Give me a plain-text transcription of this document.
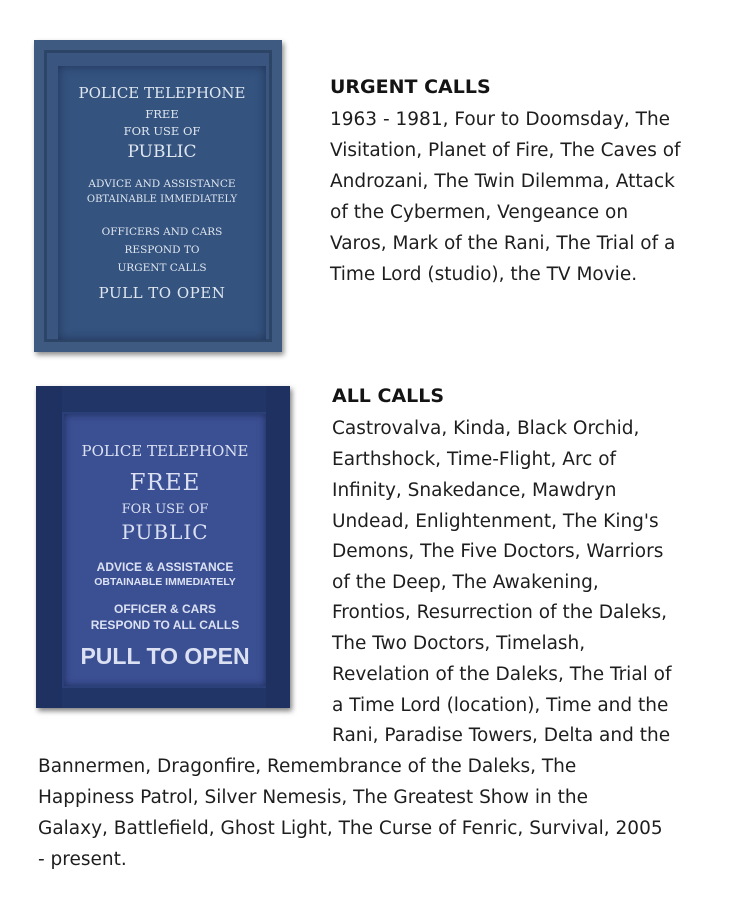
POLICE TELEPHONE
FREE
FOR USE OF
PUBLIC
ADVICE AND ASSISTANCE
OBTAINABLE IMMEDIATELY
OFFICERS AND CARS
RESPOND TO
URGENT CALLS
PULL TO OPEN
URGENT CALLS
1963 - 1981, Four to Doomsday, The
Visitation, Planet of Fire, The Caves of
Androzani, The Twin Dilemma, Attack
of the Cybermen, Vengeance on
Varos, Mark of the Rani, The Trial of a
Time Lord (studio), the TV Movie.
POLICE TELEPHONE
FREE
FOR USE OF
PUBLIC
ADVICE & ASSISTANCE
OBTAINABLE IMMEDIATELY
OFFICER & CARS
RESPOND TO ALL CALLS
PULL TO OPEN
ALL CALLS
Castrovalva, Kinda, Black Orchid,
Earthshock, Time-Flight, Arc of
Infinity, Snakedance, Mawdryn
Undead, Enlightenment, The King's
Demons, The Five Doctors, Warriors
of the Deep, The Awakening,
Frontios, Resurrection of the Daleks,
The Two Doctors, Timelash,
Revelation of the Daleks, The Trial of
a Time Lord (location), Time and the
Rani, Paradise Towers, Delta and the
Bannermen, Dragonfire, Remembrance of the Daleks, The
Happiness Patrol, Silver Nemesis, The Greatest Show in the
Galaxy, Battlefield, Ghost Light, The Curse of Fenric, Survival, 2005
- present.
